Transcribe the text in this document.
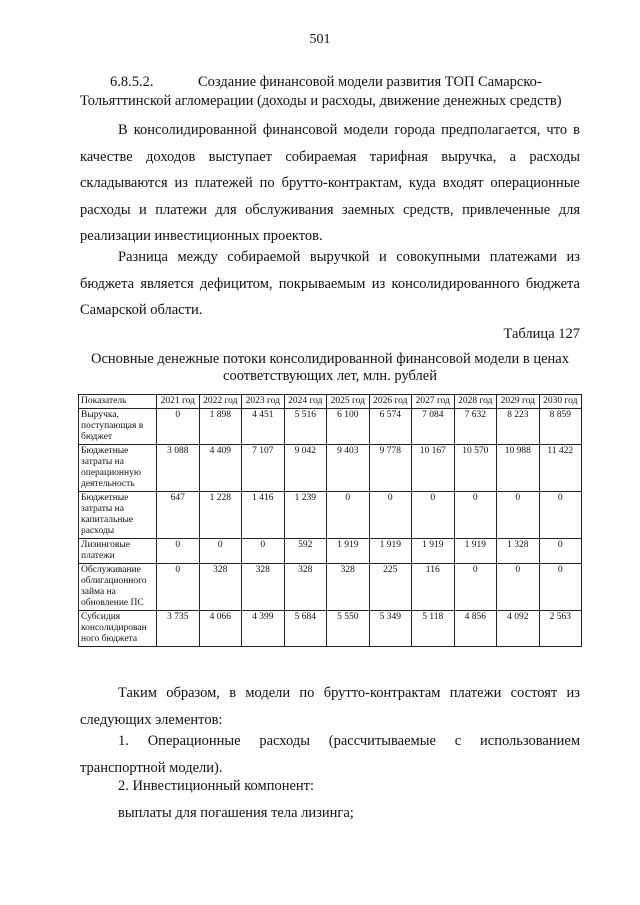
501
6.8.5.2.	Создание финансовой модели развития ТОП Самарско-
Тольяттинской агломерации (доходы и расходы, движение денежных средств)

В консолидированной финансовой модели города предполагается, что в качестве доходов выступает собираемая тарифная выручка, а расходы складываются из платежей по брутто-контрактам, куда входят операционные расходы и платежи для обслуживания заемных средств, привлеченные для реализации инвестиционных проектов.

Разница между собираемой выручкой и совокупными платежами из бюджета является дефицитом, покрываемым из консолидированного бюджета Самарской области.

Таблица 127
Основные денежные потоки консолидированной финансовой модели в ценах соответствующих лет, млн. рублей
Показатель	2021 год	2022 год	2023 год	2024 год	2025 год	2026 год	2027 год	2028 год	2029 год	2030 год
Выручка, поступающая в бюджет	0	1 898	4 451	5 516	6 100	6 574	7 084	7 632	8 223	8 859
Бюджетные затраты на операционную деятельность	3 088	4 409	7 107	9 042	9 403	9 778	10 167	10 570	10 988	11 422
Бюджетные затраты на капитальные расходы	647	1 228	1 416	1 239	0	0	0	0	0	0
Лизинговые платежи	0	0	0	592	1 919	1 919	1 919	1 919	1 328	0
Обслуживание облигационного займа на обновление ПС	0	328	328	328	328	225	116	0	0	0
Субсидия консолидирован ного бюджета	3 735	4 066	4 399	5 684	5 550	5 349	5 118	4 856	4 092	2 563

Таким образом, в модели по брутто-контрактам платежи состоят из следующих элементов:

1. Операционные расходы (рассчитываемые с использованием транспортной модели).

2. Инвестиционный компонент:
выплаты для погашения тела лизинга;
